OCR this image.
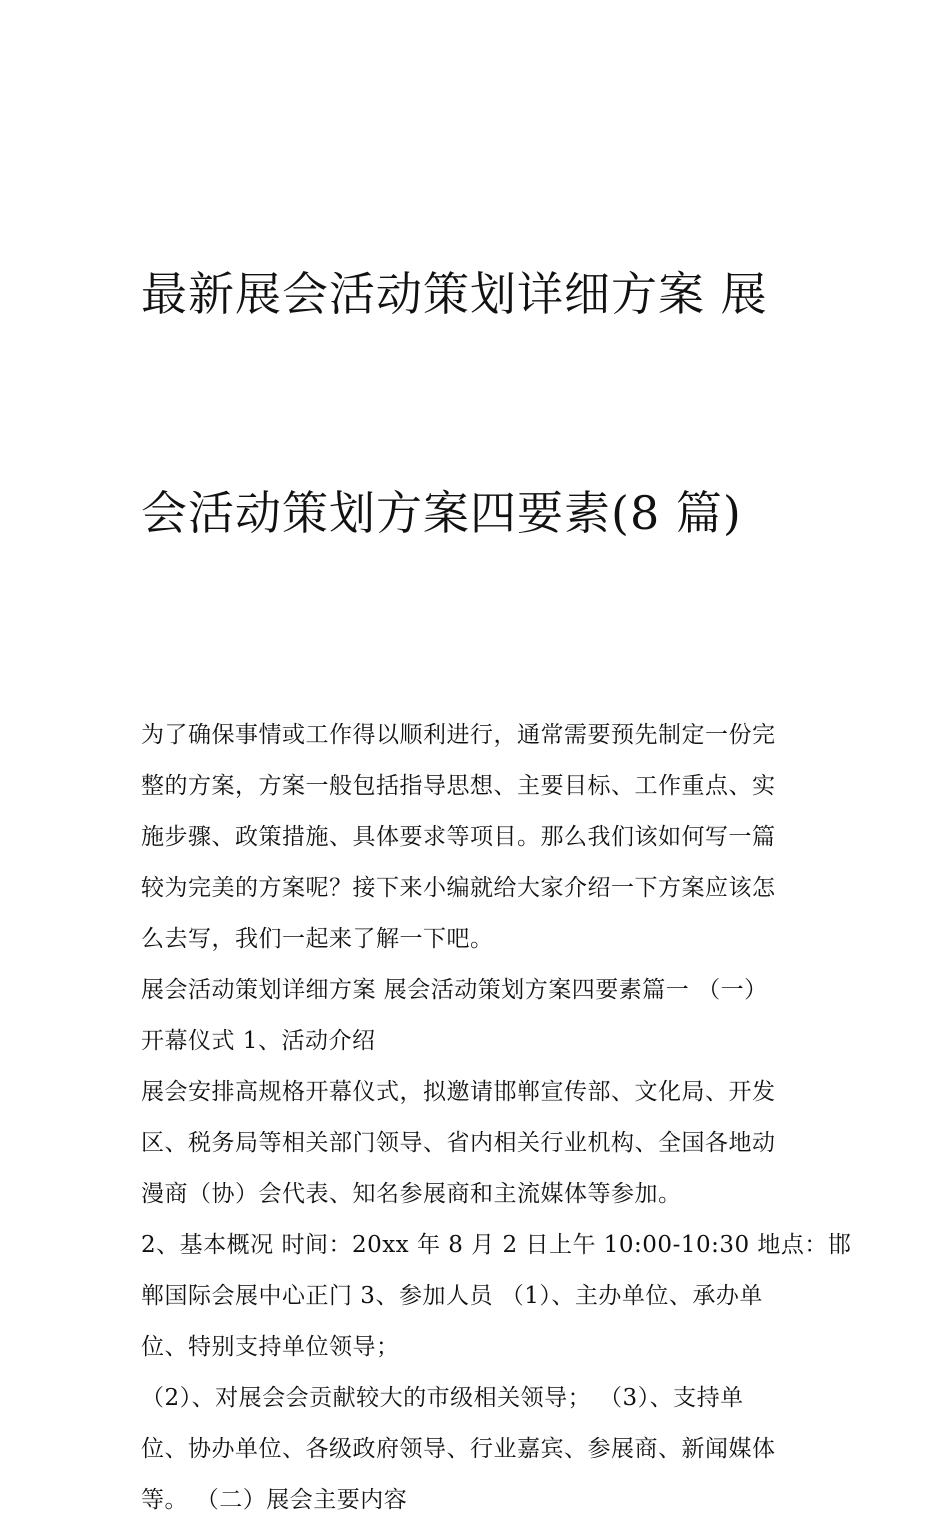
最新展会活动策划详细方案 展

会活动策划方案四要素(8 篇)

为了确保事情或工作得以顺利进行，通常需要预先制定一份完
整的方案，方案一般包括指导思想、主要目标、工作重点、实
施步骤、政策措施、具体要求等项目。那么我们该如何写一篇
较为完美的方案呢？接下来小编就给大家介绍一下方案应该怎
么去写，我们一起来了解一下吧。
展会活动策划详细方案 展会活动策划方案四要素篇一 （一）
开幕仪式 1、活动介绍
展会安排高规格开幕仪式，拟邀请邯郸宣传部、文化局、开发
区、税务局等相关部门领导、省内相关行业机构、全国各地动
漫商（协）会代表、知名参展商和主流媒体等参加。
2、基本概况 时间：20xx 年 8 月 2 日上午 10:00-10:30 地点：邯
郸国际会展中心正门 3、参加人员 （1）、主办单位、承办单
位、特别支持单位领导；
（2）、对展会会贡献较大的市级相关领导； （3）、支持单
位、协办单位、各级政府领导、行业嘉宾、参展商、新闻媒体
等。 （二）展会主要内容
